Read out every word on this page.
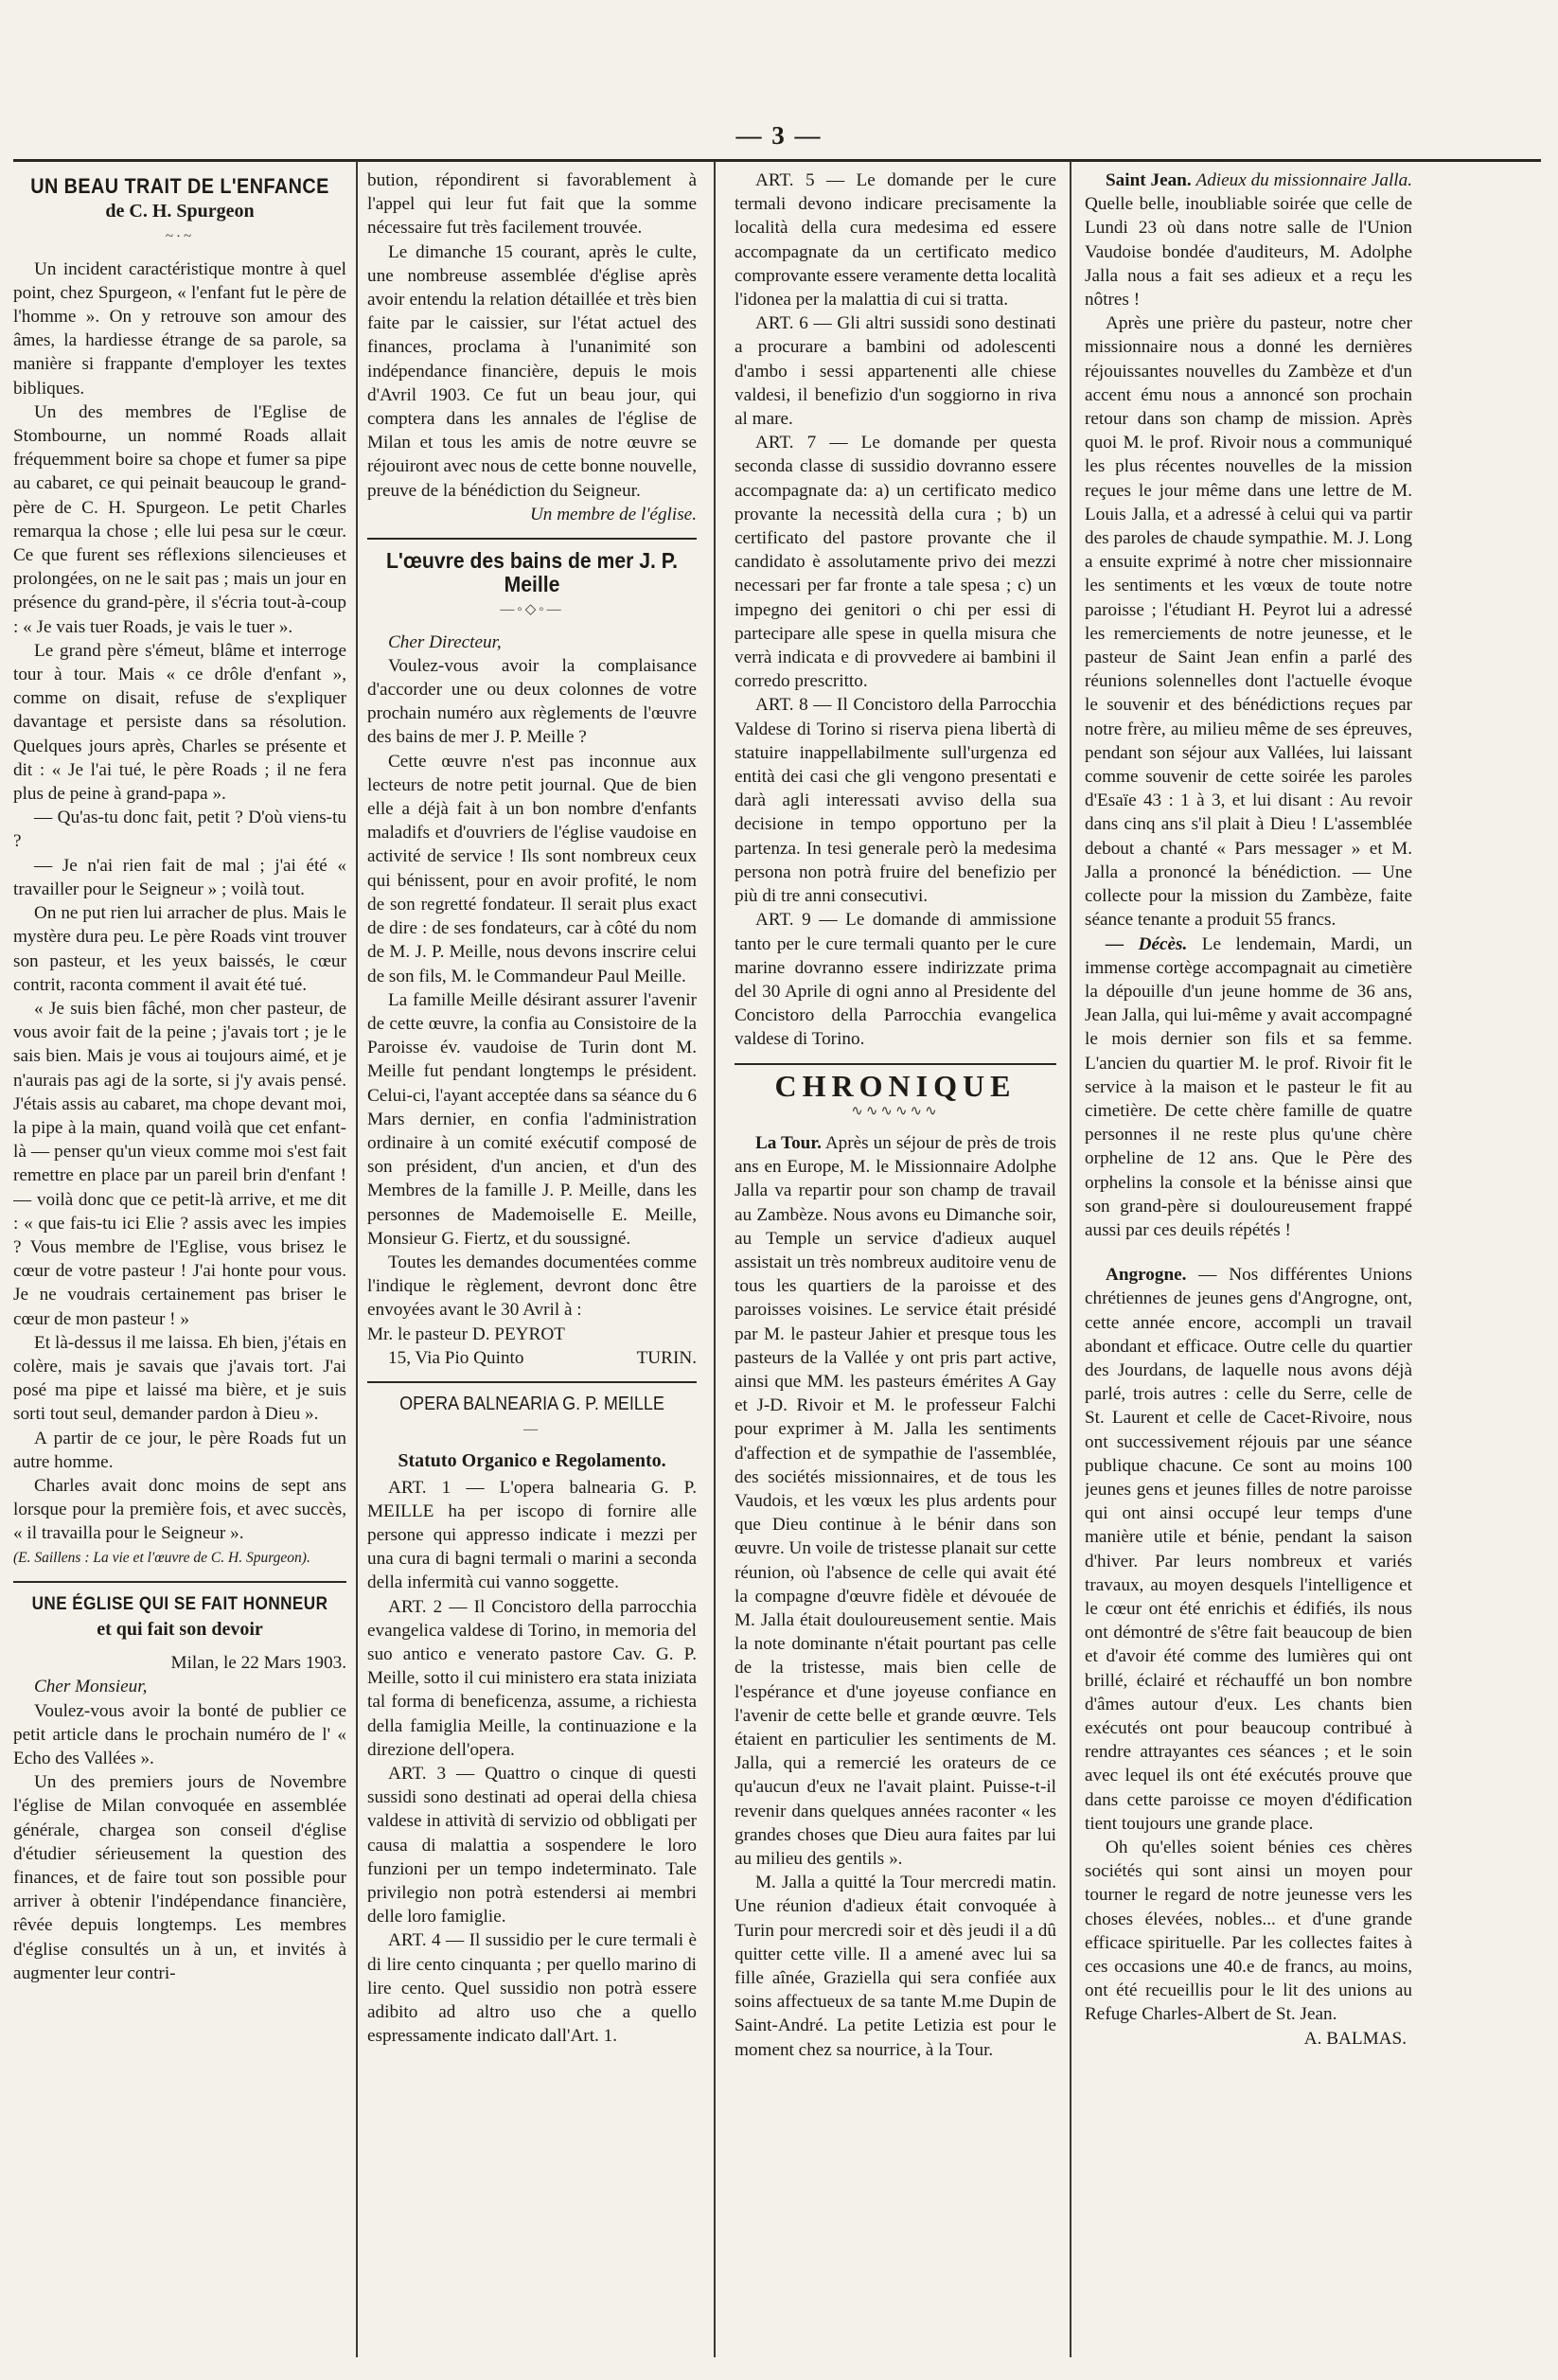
— 3 —
UN BEAU TRAIT DE L'ENFANCE
de C. H. Spurgeon
~·~

Un incident caractéristique montre à quel point, chez Spurgeon, « l'enfant fut le père de l'homme ». On y retrouve son amour des âmes, la hardiesse étrange de sa parole, sa manière si frappante d'employer les textes bibliques.

Un des membres de l'Eglise de Stombourne, un nommé Roads allait fréquemment boire sa chope et fumer sa pipe au cabaret, ce qui peinait beaucoup le grand-père de C. H. Spurgeon. Le petit Charles remarqua la chose ; elle lui pesa sur le cœur. Ce que furent ses réflexions silencieuses et prolongées, on ne le sait pas ; mais un jour en présence du grand-père, il s'écria tout-à-coup : « Je vais tuer Roads, je vais le tuer ».

Le grand père s'émeut, blâme et interroge tour à tour. Mais « ce drôle d'enfant », comme on disait, refuse de s'expliquer davantage et persiste dans sa résolution. Quelques jours après, Charles se présente et dit : « Je l'ai tué, le père Roads ; il ne fera plus de peine à grand-papa ».

— Qu'as-tu donc fait, petit ? D'où viens-tu ?

— Je n'ai rien fait de mal ; j'ai été « travailler pour le Seigneur » ; voilà tout.

On ne put rien lui arracher de plus. Mais le mystère dura peu. Le père Roads vint trouver son pasteur, et les yeux baissés, le cœur contrit, raconta comment il avait été tué.

« Je suis bien fâché, mon cher pasteur, de vous avoir fait de la peine ; j'avais tort ; je le sais bien. Mais je vous ai toujours aimé, et je n'aurais pas agi de la sorte, si j'y avais pensé. J'étais assis au cabaret, ma chope devant moi, la pipe à la main, quand voilà que cet enfant-là — penser qu'un vieux comme moi s'est fait remettre en place par un pareil brin d'enfant ! — voilà donc que ce petit-là arrive, et me dit : « que fais-tu ici Elie ? assis avec les impies ? Vous membre de l'Eglise, vous brisez le cœur de votre pasteur ! J'ai honte pour vous. Je ne voudrais certainement pas briser le cœur de mon pasteur ! »

Et là-dessus il me laissa. Eh bien, j'étais en colère, mais je savais que j'avais tort. J'ai posé ma pipe et laissé ma bière, et je suis sorti tout seul, demander pardon à Dieu ».

A partir de ce jour, le père Roads fut un autre homme.

Charles avait donc moins de sept ans lorsque pour la première fois, et avec succès, « il travailla pour le Seigneur ».

(E. Saillens : La vie et l'œuvre de C. H. Spurgeon).

UNE ÉGLISE QUI SE FAIT HONNEUR
et qui fait son devoir

Milan, le 22 Mars 1903.

Cher Monsieur,

Voulez-vous avoir la bonté de publier ce petit article dans le prochain numéro de l' « Echo des Vallées ».

Un des premiers jours de Novembre l'église de Milan convoquée en assemblée générale, chargea son conseil d'église d'étudier sérieusement la question des finances, et de faire tout son possible pour arriver à obtenir l'indépendance financière, rêvée depuis longtemps. Les membres d'église consultés un à un, et invités à augmenter leur contri-

bution, répondirent si favorablement à l'appel qui leur fut fait que la somme nécessaire fut très facilement trouvée.

Le dimanche 15 courant, après le culte, une nombreuse assemblée d'église après avoir entendu la relation détaillée et très bien faite par le caissier, sur l'état actuel des finances, proclama à l'unanimité son indépendance financière, depuis le mois d'Avril 1903. Ce fut un beau jour, qui comptera dans les annales de l'église de Milan et tous les amis de notre œuvre se réjouiront avec nous de cette bonne nouvelle, preuve de la bénédiction du Seigneur.

Un membre de l'église.

L'œuvre des bains de mer J. P. Meille
—◦◇◦—

Cher Directeur,

Voulez-vous avoir la complaisance d'accorder une ou deux colonnes de votre prochain numéro aux règlements de l'œuvre des bains de mer J. P. Meille ?

Cette œuvre n'est pas inconnue aux lecteurs de notre petit journal. Que de bien elle a déjà fait à un bon nombre d'enfants maladifs et d'ouvriers de l'église vaudoise en activité de service ! Ils sont nombreux ceux qui bénissent, pour en avoir profité, le nom de son regretté fondateur. Il serait plus exact de dire : de ses fondateurs, car à côté du nom de M. J. P. Meille, nous devons inscrire celui de son fils, M. le Commandeur Paul Meille.

La famille Meille désirant assurer l'avenir de cette œuvre, la confia au Consistoire de la Paroisse év. vaudoise de Turin dont M. Meille fut pendant longtemps le président. Celui-ci, l'ayant acceptée dans sa séance du 6 Mars dernier, en confia l'administration ordinaire à un comité exécutif composé de son président, d'un ancien, et d'un des Membres de la famille J. P. Meille, dans les personnes de Mademoiselle E. Meille, Monsieur G. Fiertz, et du soussigné.

Toutes les demandes documentées comme l'indique le règlement, devront donc être envoyées avant le 30 Avril à :

Mr. le pasteur D. PEYROT

15, Via Pio Quinto	TURIN.

OPERA BALNEARIA G. P. MEILLE
—
Statuto Organico e Regolamento.

ART. 1 — L'opera balnearia G. P. MEILLE ha per iscopo di fornire alle persone qui appresso indicate i mezzi per una cura di bagni termali o marini a seconda della infermità cui vanno soggette.

ART. 2 — Il Concistoro della parrocchia evangelica valdese di Torino, in memoria del suo antico e venerato pastore Cav. G. P. Meille, sotto il cui ministero era stata iniziata tal forma di beneficenza, assume, a richiesta della famiglia Meille, la continuazione e la direzione dell'opera.

ART. 3 — Quattro o cinque di questi sussidi sono destinati ad operai della chiesa valdese in attività di servizio od obbligati per causa di malattia a sospendere le loro funzioni per un tempo indeterminato. Tale privilegio non potrà estendersi ai membri delle loro famiglie.

ART. 4 — Il sussidio per le cure termali è di lire cento cinquanta ; per quello marino di lire cento. Quel sussidio non potrà essere adibito ad altro uso che a quello espressamente indicato dall'Art. 1.

ART. 5 — Le domande per le cure termali devono indicare precisamente la località della cura medesima ed essere accompagnate da un certificato medico comprovante essere veramente detta località l'idonea per la malattia di cui si tratta.

ART. 6 — Gli altri sussidi sono destinati a procurare a bambini od adolescenti d'ambo i sessi appartenenti alle chiese valdesi, il benefizio d'un soggiorno in riva al mare.

ART. 7 — Le domande per questa seconda classe di sussidio dovranno essere accompagnate da: a) un certificato medico provante la necessità della cura ; b) un certificato del pastore provante che il candidato è assolutamente privo dei mezzi necessari per far fronte a tale spesa ; c) un impegno dei genitori o chi per essi di partecipare alle spese in quella misura che verrà indicata e di provvedere ai bambini il corredo prescritto.

ART. 8 — Il Concistoro della Parrocchia Valdese di Torino si riserva piena libertà di statuire inappellabilmente sull'urgenza ed entità dei casi che gli vengono presentati e darà agli interessati avviso della sua decisione in tempo opportuno per la partenza. In tesi generale però la medesima persona non potrà fruire del benefizio per più di tre anni consecutivi.

ART. 9 — Le domande di ammissione tanto per le cure termali quanto per le cure marine dovranno essere indirizzate prima del 30 Aprile di ogni anno al Presidente del Concistoro della Parrocchia evangelica valdese di Torino.

CHRONIQUE
∿∿∿∿∿∿

La Tour. Après un séjour de près de trois ans en Europe, M. le Missionnaire Adolphe Jalla va repartir pour son champ de travail au Zambèze. Nous avons eu Dimanche soir, au Temple un service d'adieux auquel assistait un très nombreux auditoire venu de tous les quartiers de la paroisse et des paroisses voisines. Le service était présidé par M. le pasteur Jahier et presque tous les pasteurs de la Vallée y ont pris part active, ainsi que MM. les pasteurs émérites A Gay et J-D. Rivoir et M. le professeur Falchi pour exprimer à M. Jalla les sentiments d'affection et de sympathie de l'assemblée, des sociétés missionnaires, et de tous les Vaudois, et les vœux les plus ardents pour que Dieu continue à le bénir dans son œuvre. Un voile de tristesse planait sur cette réunion, où l'absence de celle qui avait été la compagne d'œuvre fidèle et dévouée de M. Jalla était douloureusement sentie. Mais la note dominante n'était pourtant pas celle de la tristesse, mais bien celle de l'espérance et d'une joyeuse confiance en l'avenir de cette belle et grande œuvre. Tels étaient en particulier les sentiments de M. Jalla, qui a remercié les orateurs de ce qu'aucun d'eux ne l'avait plaint. Puisse-t-il revenir dans quelques années raconter « les grandes choses que Dieu aura faites par lui au milieu des gentils ».

M. Jalla a quitté la Tour mercredi matin. Une réunion d'adieux était convoquée à Turin pour mercredi soir et dès jeudi il a dû quitter cette ville. Il a amené avec lui sa fille aînée, Graziella qui sera confiée aux soins affectueux de sa tante M.me Dupin de Saint-André. La petite Letizia est pour le moment chez sa nourrice, à la Tour.

Saint Jean. Adieux du missionnaire Jalla. Quelle belle, inoubliable soirée que celle de Lundi 23 où dans notre salle de l'Union Vaudoise bondée d'auditeurs, M. Adolphe Jalla nous a fait ses adieux et a reçu les nôtres !

Après une prière du pasteur, notre cher missionnaire nous a donné les dernières réjouissantes nouvelles du Zambèze et d'un accent ému nous a annoncé son prochain retour dans son champ de mission. Après quoi M. le prof. Rivoir nous a communiqué les plus récentes nouvelles de la mission reçues le jour même dans une lettre de M. Louis Jalla, et a adressé à celui qui va partir des paroles de chaude sympathie. M. J. Long a ensuite exprimé à notre cher missionnaire les sentiments et les vœux de toute notre paroisse ; l'étudiant H. Peyrot lui a adressé les remerciements de notre jeunesse, et le pasteur de Saint Jean enfin a parlé des réunions solennelles dont l'actuelle évoque le souvenir et des bénédictions reçues par notre frère, au milieu même de ses épreuves, pendant son séjour aux Vallées, lui laissant comme souvenir de cette soirée les paroles d'Esaïe 43 : 1 à 3, et lui disant : Au revoir dans cinq ans s'il plait à Dieu ! L'assemblée debout a chanté « Pars messager » et M. Jalla a prononcé la bénédiction. — Une collecte pour la mission du Zambèze, faite séance tenante a produit 55 francs.

— Décès. Le lendemain, Mardi, un immense cortège accompagnait au cimetière la dépouille d'un jeune homme de 36 ans, Jean Jalla, qui lui-même y avait accompagné le mois dernier son fils et sa femme. L'ancien du quartier M. le prof. Rivoir fit le service à la maison et le pasteur le fit au cimetière. De cette chère famille de quatre personnes il ne reste plus qu'une chère orpheline de 12 ans. Que le Père des orphelins la console et la bénisse ainsi que son grand-père si douloureusement frappé aussi par ces deuils répétés !

Angrogne. — Nos différentes Unions chrétiennes de jeunes gens d'Angrogne, ont, cette année encore, accompli un travail abondant et efficace. Outre celle du quartier des Jourdans, de laquelle nous avons déjà parlé, trois autres : celle du Serre, celle de St. Laurent et celle de Cacet-Rivoire, nous ont successivement réjouis par une séance publique chacune. Ce sont au moins 100 jeunes gens et jeunes filles de notre paroisse qui ont ainsi occupé leur temps d'une manière utile et bénie, pendant la saison d'hiver. Par leurs nombreux et variés travaux, au moyen desquels l'intelligence et le cœur ont été enrichis et édifiés, ils nous ont démontré de s'être fait beaucoup de bien et d'avoir été comme des lumières qui ont brillé, éclairé et réchauffé un bon nombre d'âmes autour d'eux. Les chants bien exécutés ont pour beaucoup contribué à rendre attrayantes ces séances ; et le soin avec lequel ils ont été exécutés prouve que dans cette paroisse ce moyen d'édification tient toujours une grande place.

Oh qu'elles soient bénies ces chères sociétés qui sont ainsi un moyen pour tourner le regard de notre jeunesse vers les choses élevées, nobles... et d'une grande efficace spirituelle. Par les collectes faites à ces occasions une 40.e de francs, au moins, ont été recueillis pour le lit des unions au Refuge Charles-Albert de St. Jean.

A. BALMAS.
